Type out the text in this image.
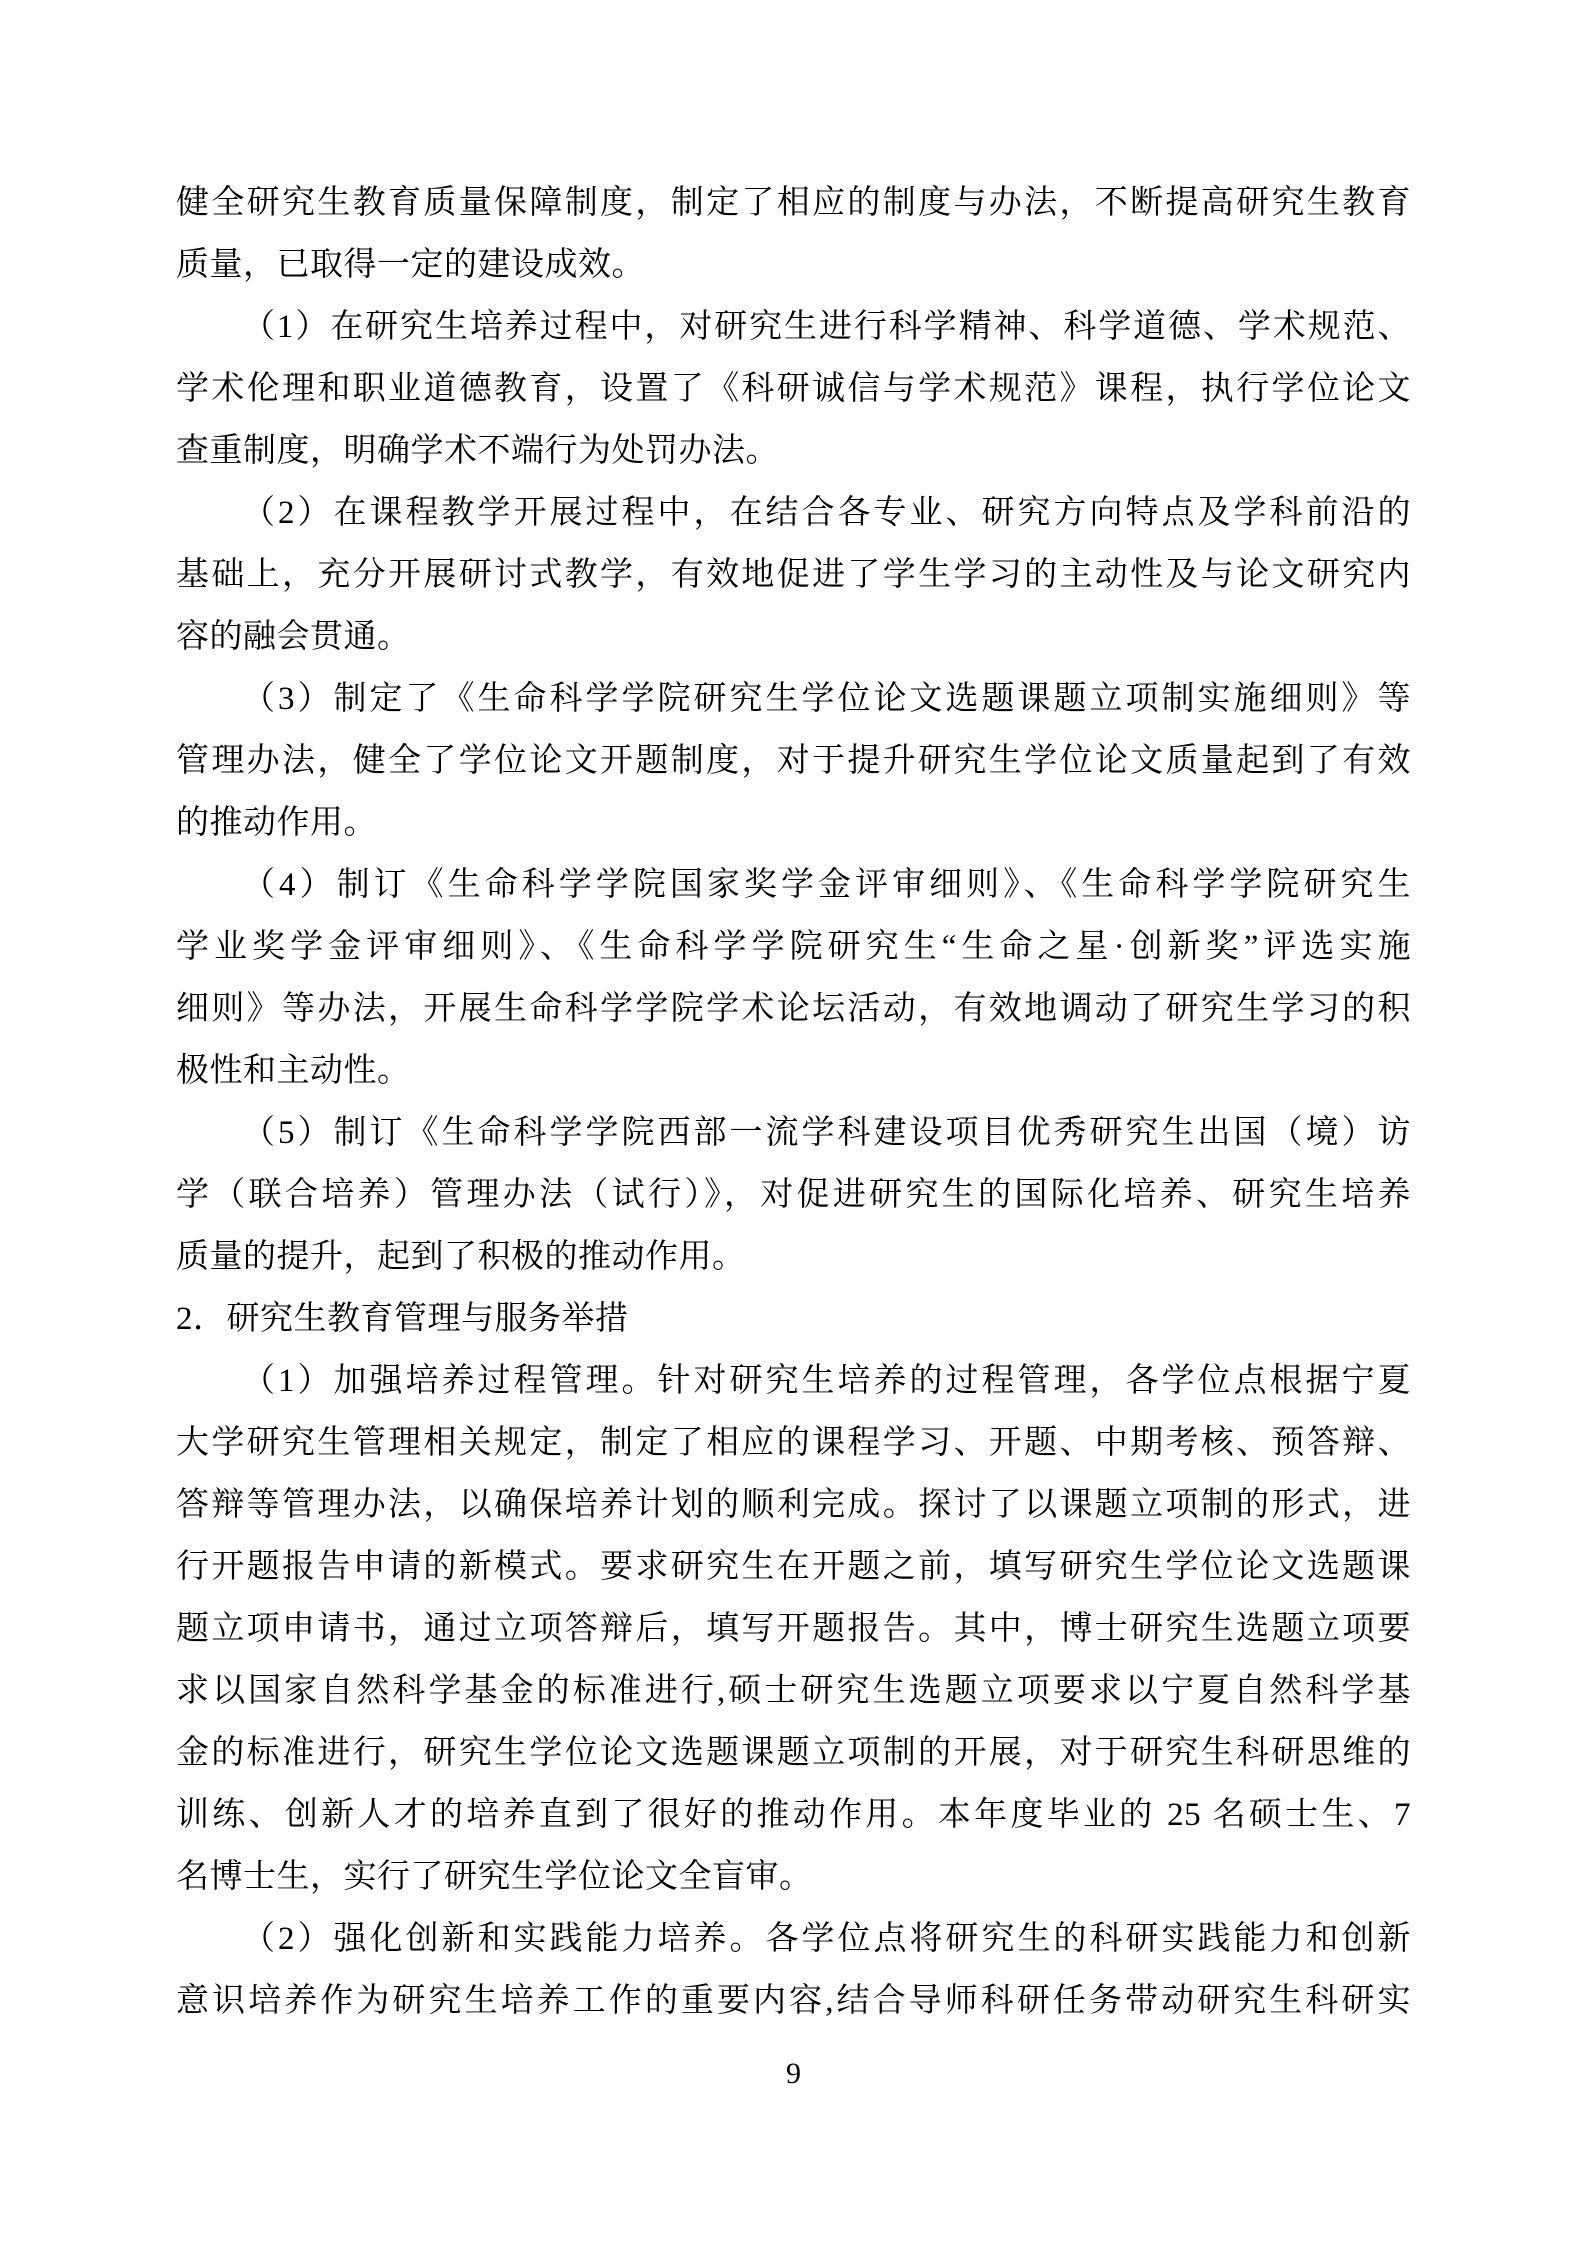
健全研究生教育质量保障制度，制定了相应的制度与办法，不断提高研究生教育
质量，已取得一定的建设成效。
（1）在研究生培养过程中，对研究生进行科学精神、科学道德、学术规范、
学术伦理和职业道德教育，设置了《科研诚信与学术规范》课程，执行学位论文
查重制度，明确学术不端行为处罚办法。
（2）在课程教学开展过程中，在结合各专业、研究方向特点及学科前沿的
基础上，充分开展研讨式教学，有效地促进了学生学习的主动性及与论文研究内
容的融会贯通。
（3）制定了《生命科学学院研究生学位论文选题课题立项制实施细则》等
管理办法，健全了学位论文开题制度，对于提升研究生学位论文质量起到了有效
的推动作用。
（4）制订《生命科学学院国家奖学金评审细则》、《生命科学学院研究生
学业奖学金评审细则》、《生命科学学院研究生“生命之星·创新奖”评选实施
细则》等办法，开展生命科学学院学术论坛活动，有效地调动了研究生学习的积
极性和主动性。
（5）制订《生命科学学院西部一流学科建设项目优秀研究生出国（境）访
学（联合培养）管理办法（试行）》，对促进研究生的国际化培养、研究生培养
质量的提升，起到了积极的推动作用。
2．研究生教育管理与服务举措
（1）加强培养过程管理。针对研究生培养的过程管理，各学位点根据宁夏
大学研究生管理相关规定，制定了相应的课程学习、开题、中期考核、预答辩、
答辩等管理办法，以确保培养计划的顺利完成。探讨了以课题立项制的形式，进
行开题报告申请的新模式。要求研究生在开题之前，填写研究生学位论文选题课
题立项申请书，通过立项答辩后，填写开题报告。其中，博士研究生选题立项要
求以国家自然科学基金的标准进行,硕士研究生选题立项要求以宁夏自然科学基
金的标准进行，研究生学位论文选题课题立项制的开展，对于研究生科研思维的
训练、创新人才的培养直到了很好的推动作用。本年度毕业的 25 名硕士生、7
名博士生，实行了研究生学位论文全盲审。
（2）强化创新和实践能力培养。各学位点将研究生的科研实践能力和创新
意识培养作为研究生培养工作的重要内容,结合导师科研任务带动研究生科研实
9
